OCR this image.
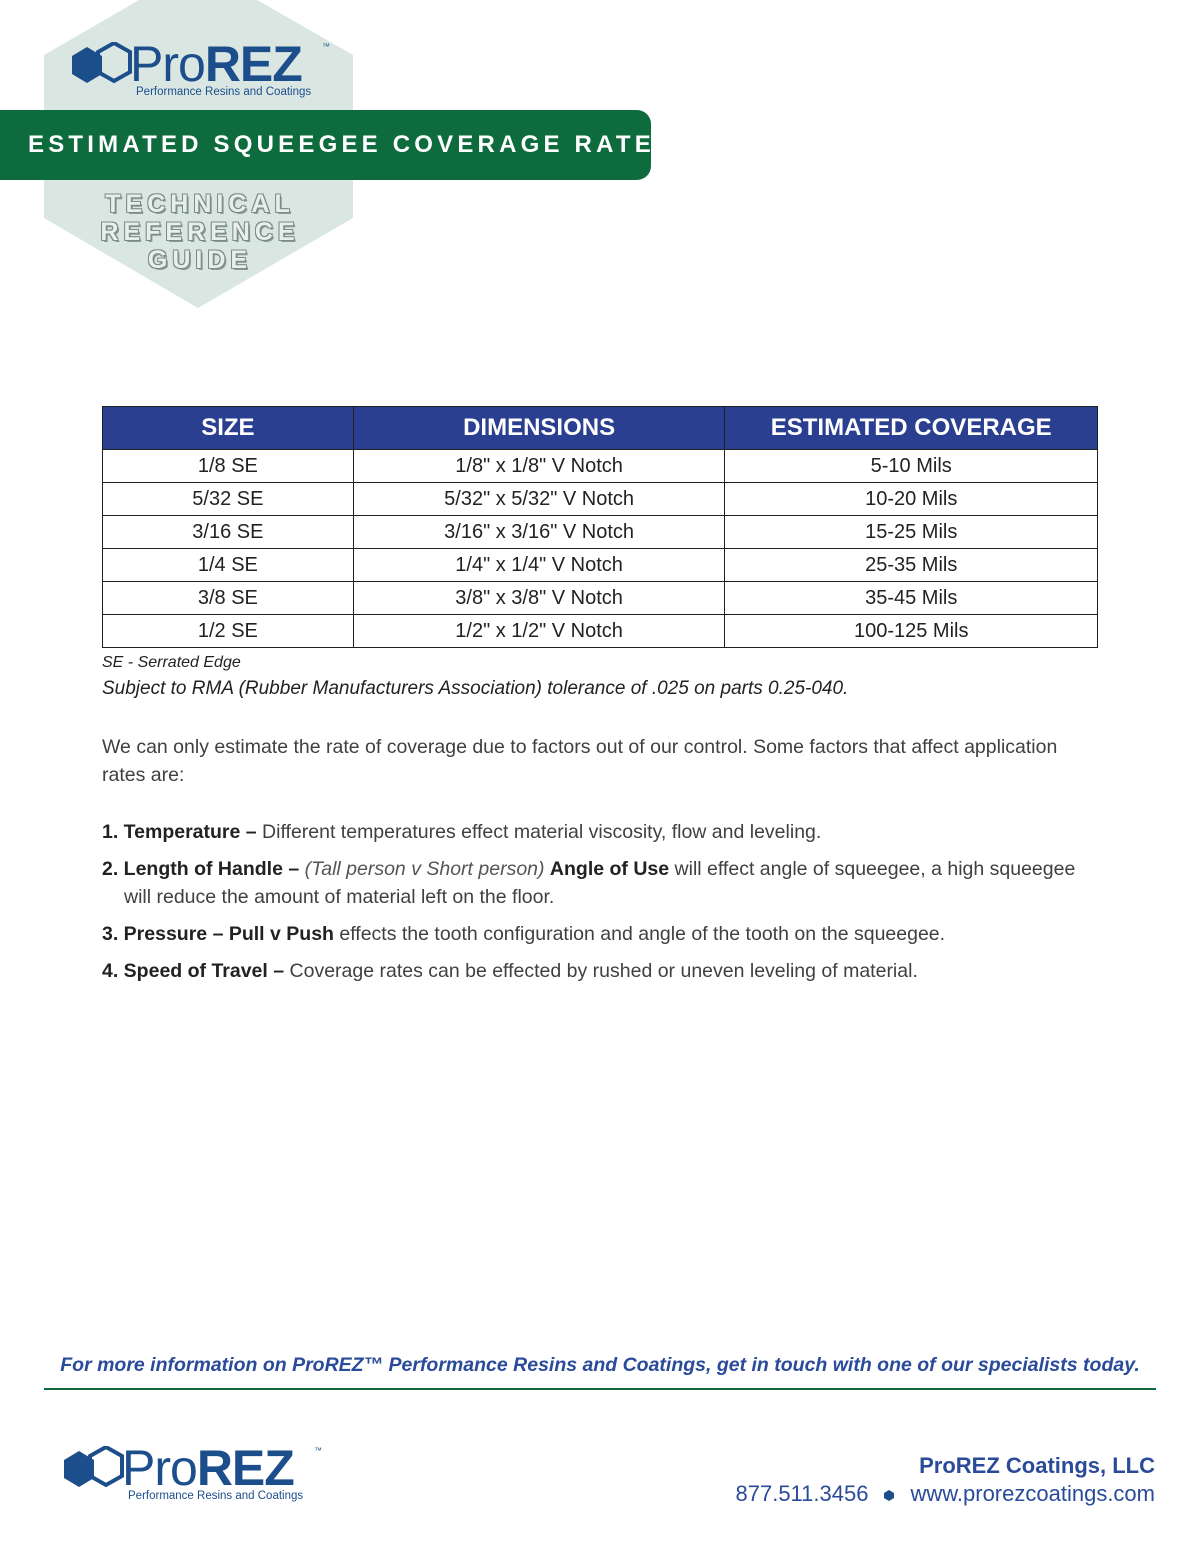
ProREZ	™
Performance Resins and Coatings
ESTIMATED SQUEEGEE COVERAGE RATES
TECHNICAL
REFERENCE
GUIDE
SIZE	DIMENSIONS	ESTIMATED COVERAGE
1/8 SE	1/8" x 1/8" V Notch	5-10 Mils
5/32 SE	5/32" x 5/32" V Notch	10-20 Mils
3/16 SE	3/16" x 3/16" V Notch	15-25 Mils
1/4 SE	1/4" x 1/4" V Notch	25-35 Mils
3/8 SE	3/8" x 3/8" V Notch	35-45 Mils
1/2 SE	1/2" x 1/2" V Notch	100-125 Mils
SE - Serrated Edge
Subject to RMA (Rubber Manufacturers Association) tolerance of .025 on parts 0.25-040.
We can only estimate the rate of coverage due to factors out of our control. Some factors that affect application rates are:
1. Temperature – Different temperatures effect material viscosity, flow and leveling.
2. Length of Handle – (Tall person v Short person) Angle of Use will effect angle of squeegee, a high squeegee will reduce the amount of material left on the floor.
3. Pressure – Pull v Push effects the tooth configuration and angle of the tooth on the squeegee.
4. Speed of Travel – Coverage rates can be effected by rushed or uneven leveling of material.
For more information on ProREZ™ Performance Resins and Coatings, get in touch with one of our specialists today.
ProREZ	™
Performance Resins and Coatings
ProREZ Coatings, LLC
877.511.3456 www.prorezcoatings.com
